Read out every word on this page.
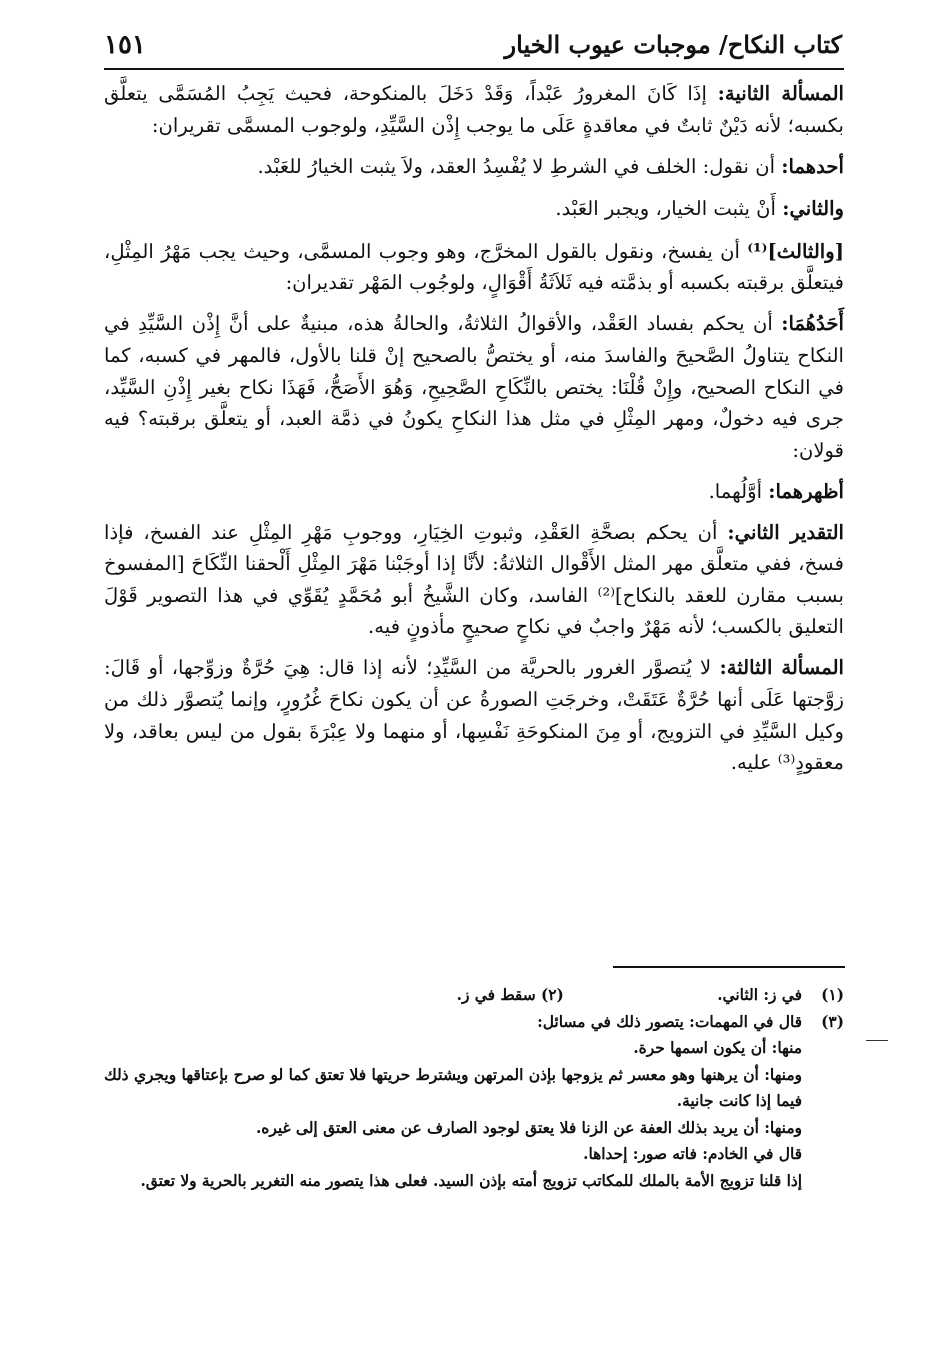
كتاب النكاح/ موجبات عيوب الخيار
١٥١

المسألة الثانية: إذَا كَانَ المغرورُ عَبْداً، وَقَدْ دَخَلَ بالمنكوحة، فحيث يَجِبُ المُسَمَّى يتعلَّق بكسبه؛ لأنه دَيْنٌ ثابتٌ في معاقدةٍ عَلَى ما يوجب إِذْن السَّيِّدِ، ولوجوب المسمَّى تقريران:

أحدهما: أن نقول: الخلف في الشرطِ لا يُفْسِدُ العقد، ولاَ يثبت الخيارُ للعَبْد.

والثاني: أَنْ يثبت الخيار، ويجبر العَبْد.

[والثالث]⁽¹⁾ أن يفسخ، ونقول بالقول المخرَّج، وهو وجوب المسمَّى، وحيث يجب مَهْرُ المِثْلِ، فيتعلَّق برقبته بكسبه أو بذمَّته فيه ثَلاَثَةُ أَقْوَالٍ، ولوجُوب المَهْر تقديران:

أَحَدُهُمَا: أن يحكم بفساد العَقْد، والأقوالُ الثلاثةُ، والحالةُ هذه، مبنيةٌ على أنَّ إِذْن السَّيِّدِ في النكاح يتناولُ الصَّحيحَ والفاسدَ منه، أو يختصُّ بالصحيح إنْ قلنا بالأول، فالمهر في كسبه، كما في النكاح الصحيح، وإِنْ قُلْنَا: يختص بالنِّكَاحِ الصَّحِيحِ، وَهُوَ الأَصَحُّ، فَهَذَا نكاح بغير إِذْنِ السَّيِّد، جرى فيه دخولٌ، ومهر المِثْلِ في مثل هذا النكاحِ يكونُ في ذمَّة العبد، أو يتعلَّق برقبته؟ فيه قولان:

أظهرهما: أوَّلُهما.

التقدير الثاني: أن يحكم بصحَّةِ العَقْدِ، وثبوتِ الخِيَارِ، ووجوبِ مَهْرِ المِثْلِ عند الفسخ، فإذا فسخ، ففي متعلَّق مهر المثل الأَقْوال الثلاثةُ: لأنَّا إذا أوجَبْنا مَهْرَ المِثْلِ أَلْحقنا النِّكَاحَ [المفسوخ بسبب مقارن للعقد بالنكاح]⁽²⁾ الفاسد، وكان الشَّيخُ أبو مُحَمَّدٍ يُقَوِّي في هذا التصوير قَوْلَ التعليق بالكسب؛ لأنه مَهْرٌ واجبٌ في نكاحٍ صحيحٍ مأذونٍ فيه.

المسألة الثالثة: لا يُتصوَّر الغرور بالحريَّة من السَّيِّدِ؛ لأنه إذا قال: هِيَ حُرَّةٌ وزوِّجها، أو قَالَ: زوَّجتها عَلَى أنها حُرَّةٌ عَتَقَتْ، وخرجَتِ الصورةُ عن أن يكون نكاحَ غُرُورٍ، وإنما يُتصوَّر ذلك من وكيل السَّيِّدِ في التزويج، أو مِنَ المنكوحَةِ نَفْسِها، أو منهما ولا عِبْرَةَ بقول من ليس بعاقد، ولا معقودٍ⁽³⁾ عليه.

(١)
في ز: الثاني. (٢) سقط في ز.
(٣)
قال في المهمات: يتصور ذلك في مسائل:
منها: أن يكون اسمها حرة.
ومنها: أن يرهنها وهو معسر ثم يزوجها بإذن المرتهن ويشترط حريتها فلا تعتق كما لو صرح بإعتاقها ويجري ذلك فيما إذا كانت جانية.
ومنها: أن يريد بذلك العفة عن الزنا فلا يعتق لوجود الصارف عن معنى العتق إلى غيره.
قال في الخادم: فاته صور: إحداها.
إذا قلنا تزويج الأمة بالملك للمكاتب تزويج أمته بإذن السيد. فعلى هذا يتصور منه التغرير بالحرية ولا تعتق.
